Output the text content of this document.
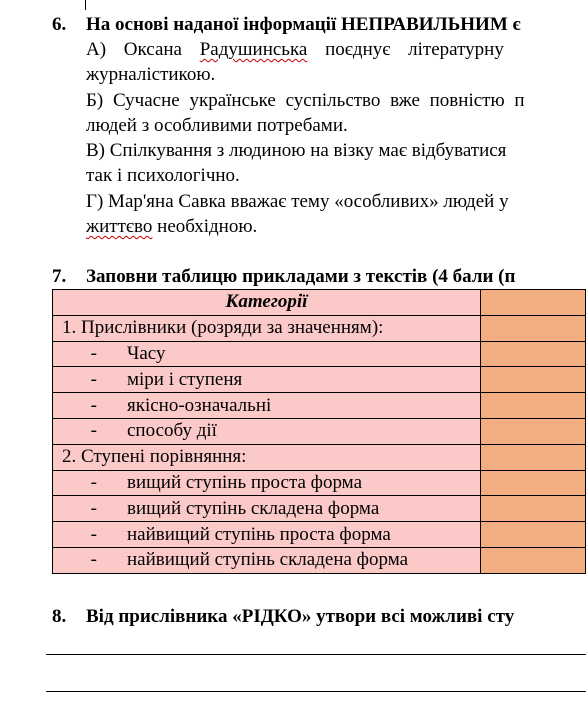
6. На основі наданої інформації НЕПРАВИЛЬНИМ є
А) Оксана Радушинська поєднує літературну
журналістикою.
Б) Сучасне українське суспільство вже повністю п
людей з особливими потребами.
В) Спілкування з людиною на візку має відбуватися
так і психологічно.
Г) Мар'яна Савка вважає тему «особливих» людей у
життєво необхідною.
7. Заповни таблицю прикладами з текстів (4 бали (п
Категорії	
1. Прислівники (розряди за значенням):	
- Часу	
- міри і ступеня	
- якісно-означальні	
- способу дії	
2. Ступені порівняння:	
- вищий ступінь проста форма	
- вищий ступінь складена форма	
- найвищий ступінь проста форма	
- найвищий ступінь складена форма	
8. Від прислівника «РІДКО» утвори всі можливі сту
